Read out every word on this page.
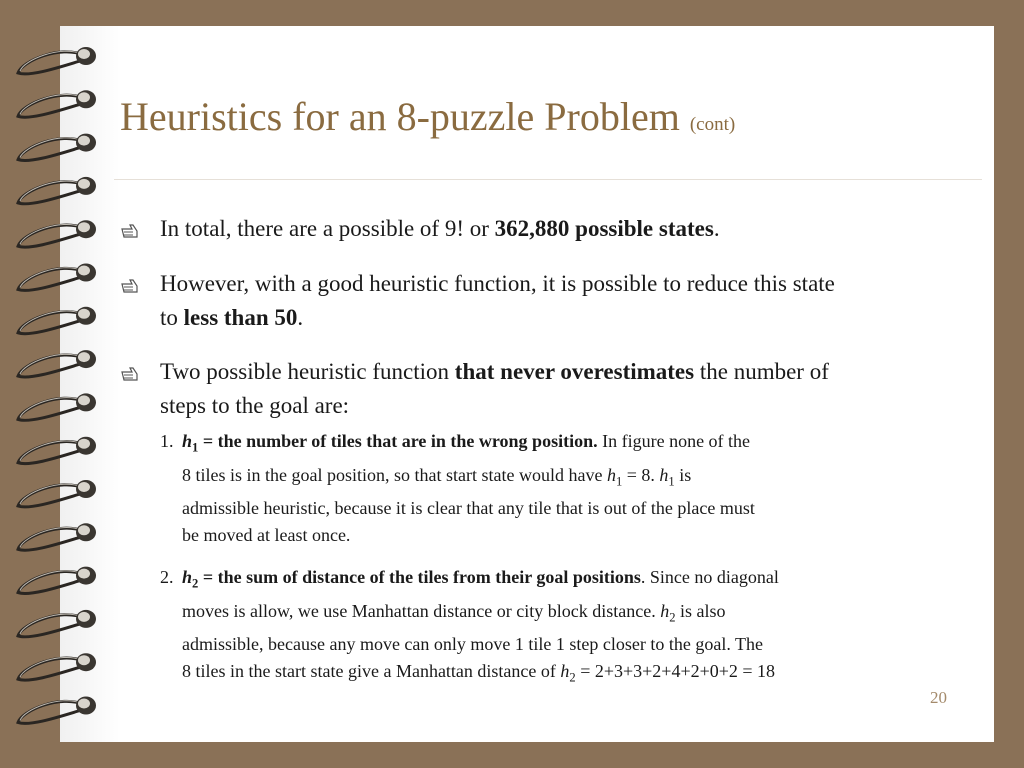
Heuristics for an 8-puzzle Problem (cont)
In total, there are a possible of 9! or 362,880 possible states.
However, with a good heuristic function, it is possible to reduce this state
to less than 50.
Two possible heuristic function that never overestimates the number of
steps to the goal are:
1. $h_1$ = the number of tiles that are in the wrong position. In figure none of the
8 tiles is in the goal position, so that start state would have $h_1 = 8$. $h_1$ is
admissible heuristic, because it is clear that any tile that is out of the place must
be moved at least once.
2. $h_2$ = the sum of distance of the tiles from their goal positions. Since no diagonal
moves is allow, we use Manhattan distance or city block distance. $h_2$ is also
admissible, because any move can only move 1 tile 1 step closer to the goal. The
8 tiles in the start state give a Manhattan distance of $h_2 = 2+3+3+2+4+2+0+2 = 18$
20
